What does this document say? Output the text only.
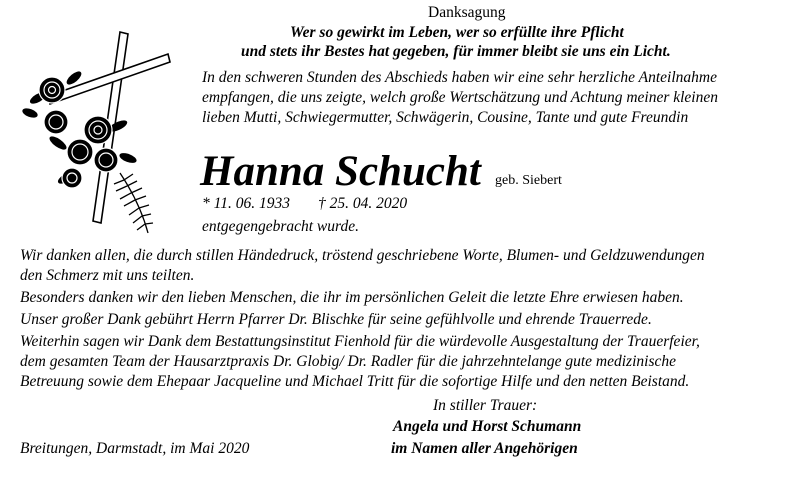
Danksagung
Wer so gewirkt im Leben, wer so erfüllte ihre Pflicht
und stets ihr Bestes hat gegeben, für immer bleibt sie uns ein Licht.
In den schweren Stunden des Abschieds haben wir eine sehr herzliche Anteilnahme
empfangen, die uns zeigte, welch große Wertschätzung und Achtung meiner kleinen
lieben Mutti, Schwiegermutter, Schwägerin, Cousine, Tante und gute Freundin
Hanna Schucht geb. Siebert
* 11. 06. 1933 † 25. 04. 2020
entgegengebracht wurde.
Wir danken allen, die durch stillen Händedruck, tröstend geschriebene Worte, Blumen- und Geldzuwendungen
den Schmerz mit uns teilten.
Besonders danken wir den lieben Menschen, die ihr im persönlichen Geleit die letzte Ehre erwiesen haben.
Unser großer Dank gebührt Herrn Pfarrer Dr. Blischke für seine gefühlvolle und ehrende Trauerrede.
Weiterhin sagen wir Dank dem Bestattungsinstitut Fienhold für die würdevolle Ausgestaltung der Trauerfeier,
dem gesamten Team der Hausarztpraxis Dr. Globig/ Dr. Radler für die jahrzehntelange gute medizinische
Betreuung sowie dem Ehepaar Jacqueline und Michael Tritt für die sofortige Hilfe und den netten Beistand.
In stiller Trauer:
Angela und Horst Schumann
Breitungen, Darmstadt, im Mai 2020	im Namen aller Angehörigen
